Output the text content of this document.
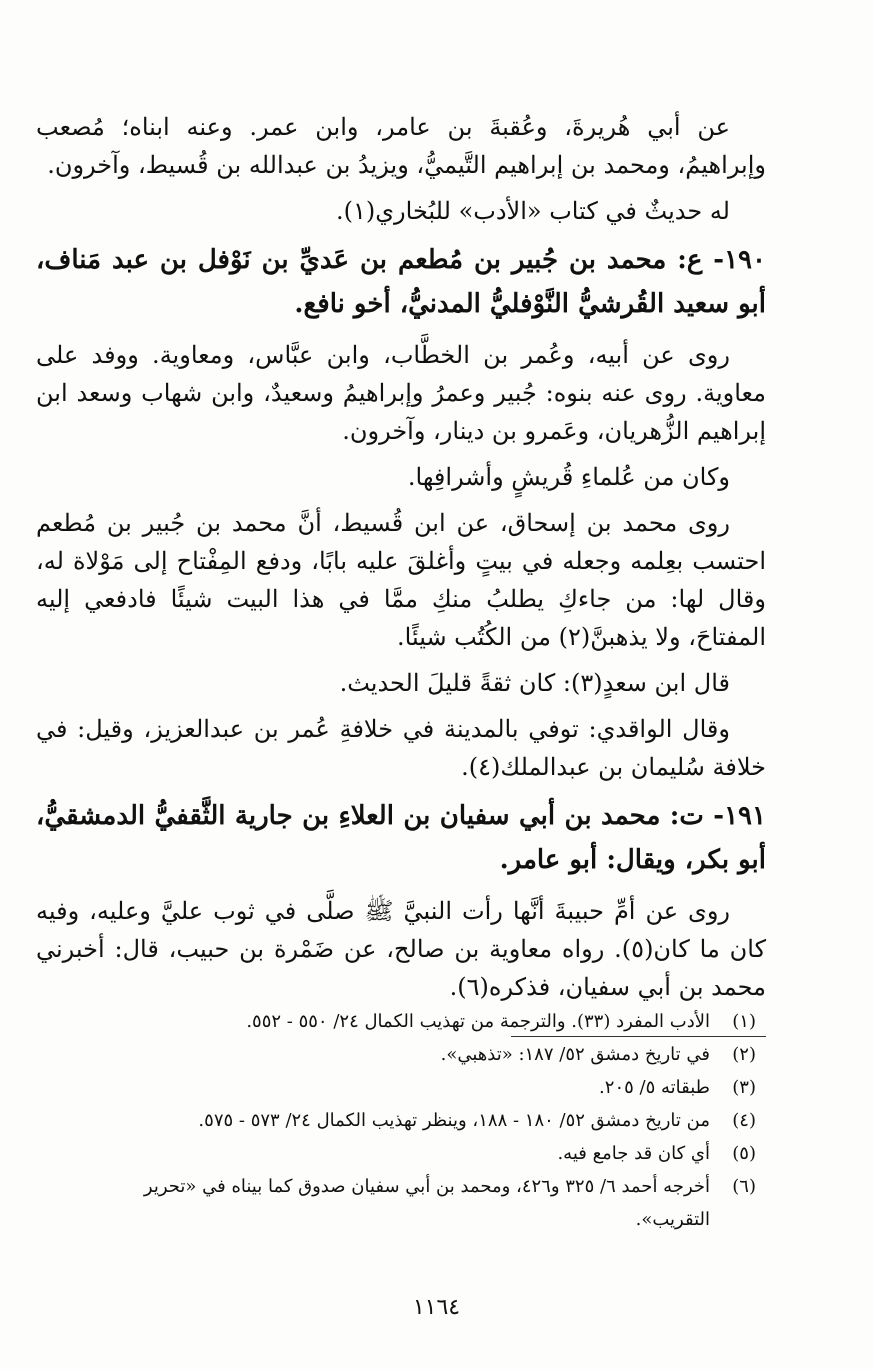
عن أبي هُريرةَ، وعُقبةَ بن عامر، وابن عمر. وعنه ابناه؛ مُصعب وإبراهيمُ، ومحمد بن إبراهيم التَّيميُّ، ويزيدُ بن عبدالله بن قُسيط، وآخرون.

له حديثٌ في كتاب «الأدب» للبُخاري(١).

١٩٠- ع: محمد بن جُبير بن مُطعم بن عَديِّ بن نَوْفل بن عبد مَناف، أبو سعيد القُرشيُّ النَّوْفليُّ المدنيُّ، أخو نافع.

روى عن أبيه، وعُمر بن الخطَّاب، وابن عبَّاس، ومعاوية. ووفد على معاوية. روى عنه بنوه: جُبير وعمرُ وإبراهيمُ وسعيدٌ، وابن شهاب وسعد ابن إبراهيم الزُّهريان، وعَمرو بن دينار، وآخرون.

وكان من عُلماءِ قُريشٍ وأشرافِها.

روى محمد بن إسحاق، عن ابن قُسيط، أنَّ محمد بن جُبير بن مُطعم احتسب بعِلمه وجعله في بيتٍ وأغلقَ عليه بابًا، ودفع المِفْتاح إلى مَوْلاة له، وقال لها: من جاءكِ يطلبُ منكِ ممَّا في هذا البيت شيئًا فادفعي إليه المفتاحَ، ولا يذهبنَّ(٢) من الكُتُب شيئًا.

قال ابن سعدٍ(٣): كان ثقةً قليلَ الحديث.

وقال الواقدي: توفي بالمدينة في خلافةِ عُمر بن عبدالعزيز، وقيل: في خلافة سُليمان بن عبدالملك(٤).

١٩١- ت: محمد بن أبي سفيان بن العلاءِ بن جارية الثَّقفيُّ الدمشقيُّ، أبو بكر، ويقال: أبو عامر.

روى عن أمِّ حبيبةَ أنَّها رأت النبيَّ ﷺ صلَّى في ثوب عليَّ وعليه، وفيه كان ما كان(٥). رواه معاوية بن صالح، عن ضَمْرة بن حبيب، قال: أخبرني محمد بن أبي سفيان، فذكره(٦).

(١)
الأدب المفرد (٣٣). والترجمة من تهذيب الكمال ٢٤/ ٥٥٠ - ٥٥٢.
(٢)
في تاريخ دمشق ٥٢/ ١٨٧: «تذهبي».
(٣)
طبقاته ٥/ ٢٠٥.
(٤)
من تاريخ دمشق ٥٢/ ١٨٠ - ١٨٨، وينظر تهذيب الكمال ٢٤/ ٥٧٣ - ٥٧٥.
(٥)
أي كان قد جامع فيه.
(٦)
أخرجه أحمد ٦/ ٣٢٥ و٤٢٦، ومحمد بن أبي سفيان صدوق كما بيناه في «تحرير التقريب».
١١٦٤
